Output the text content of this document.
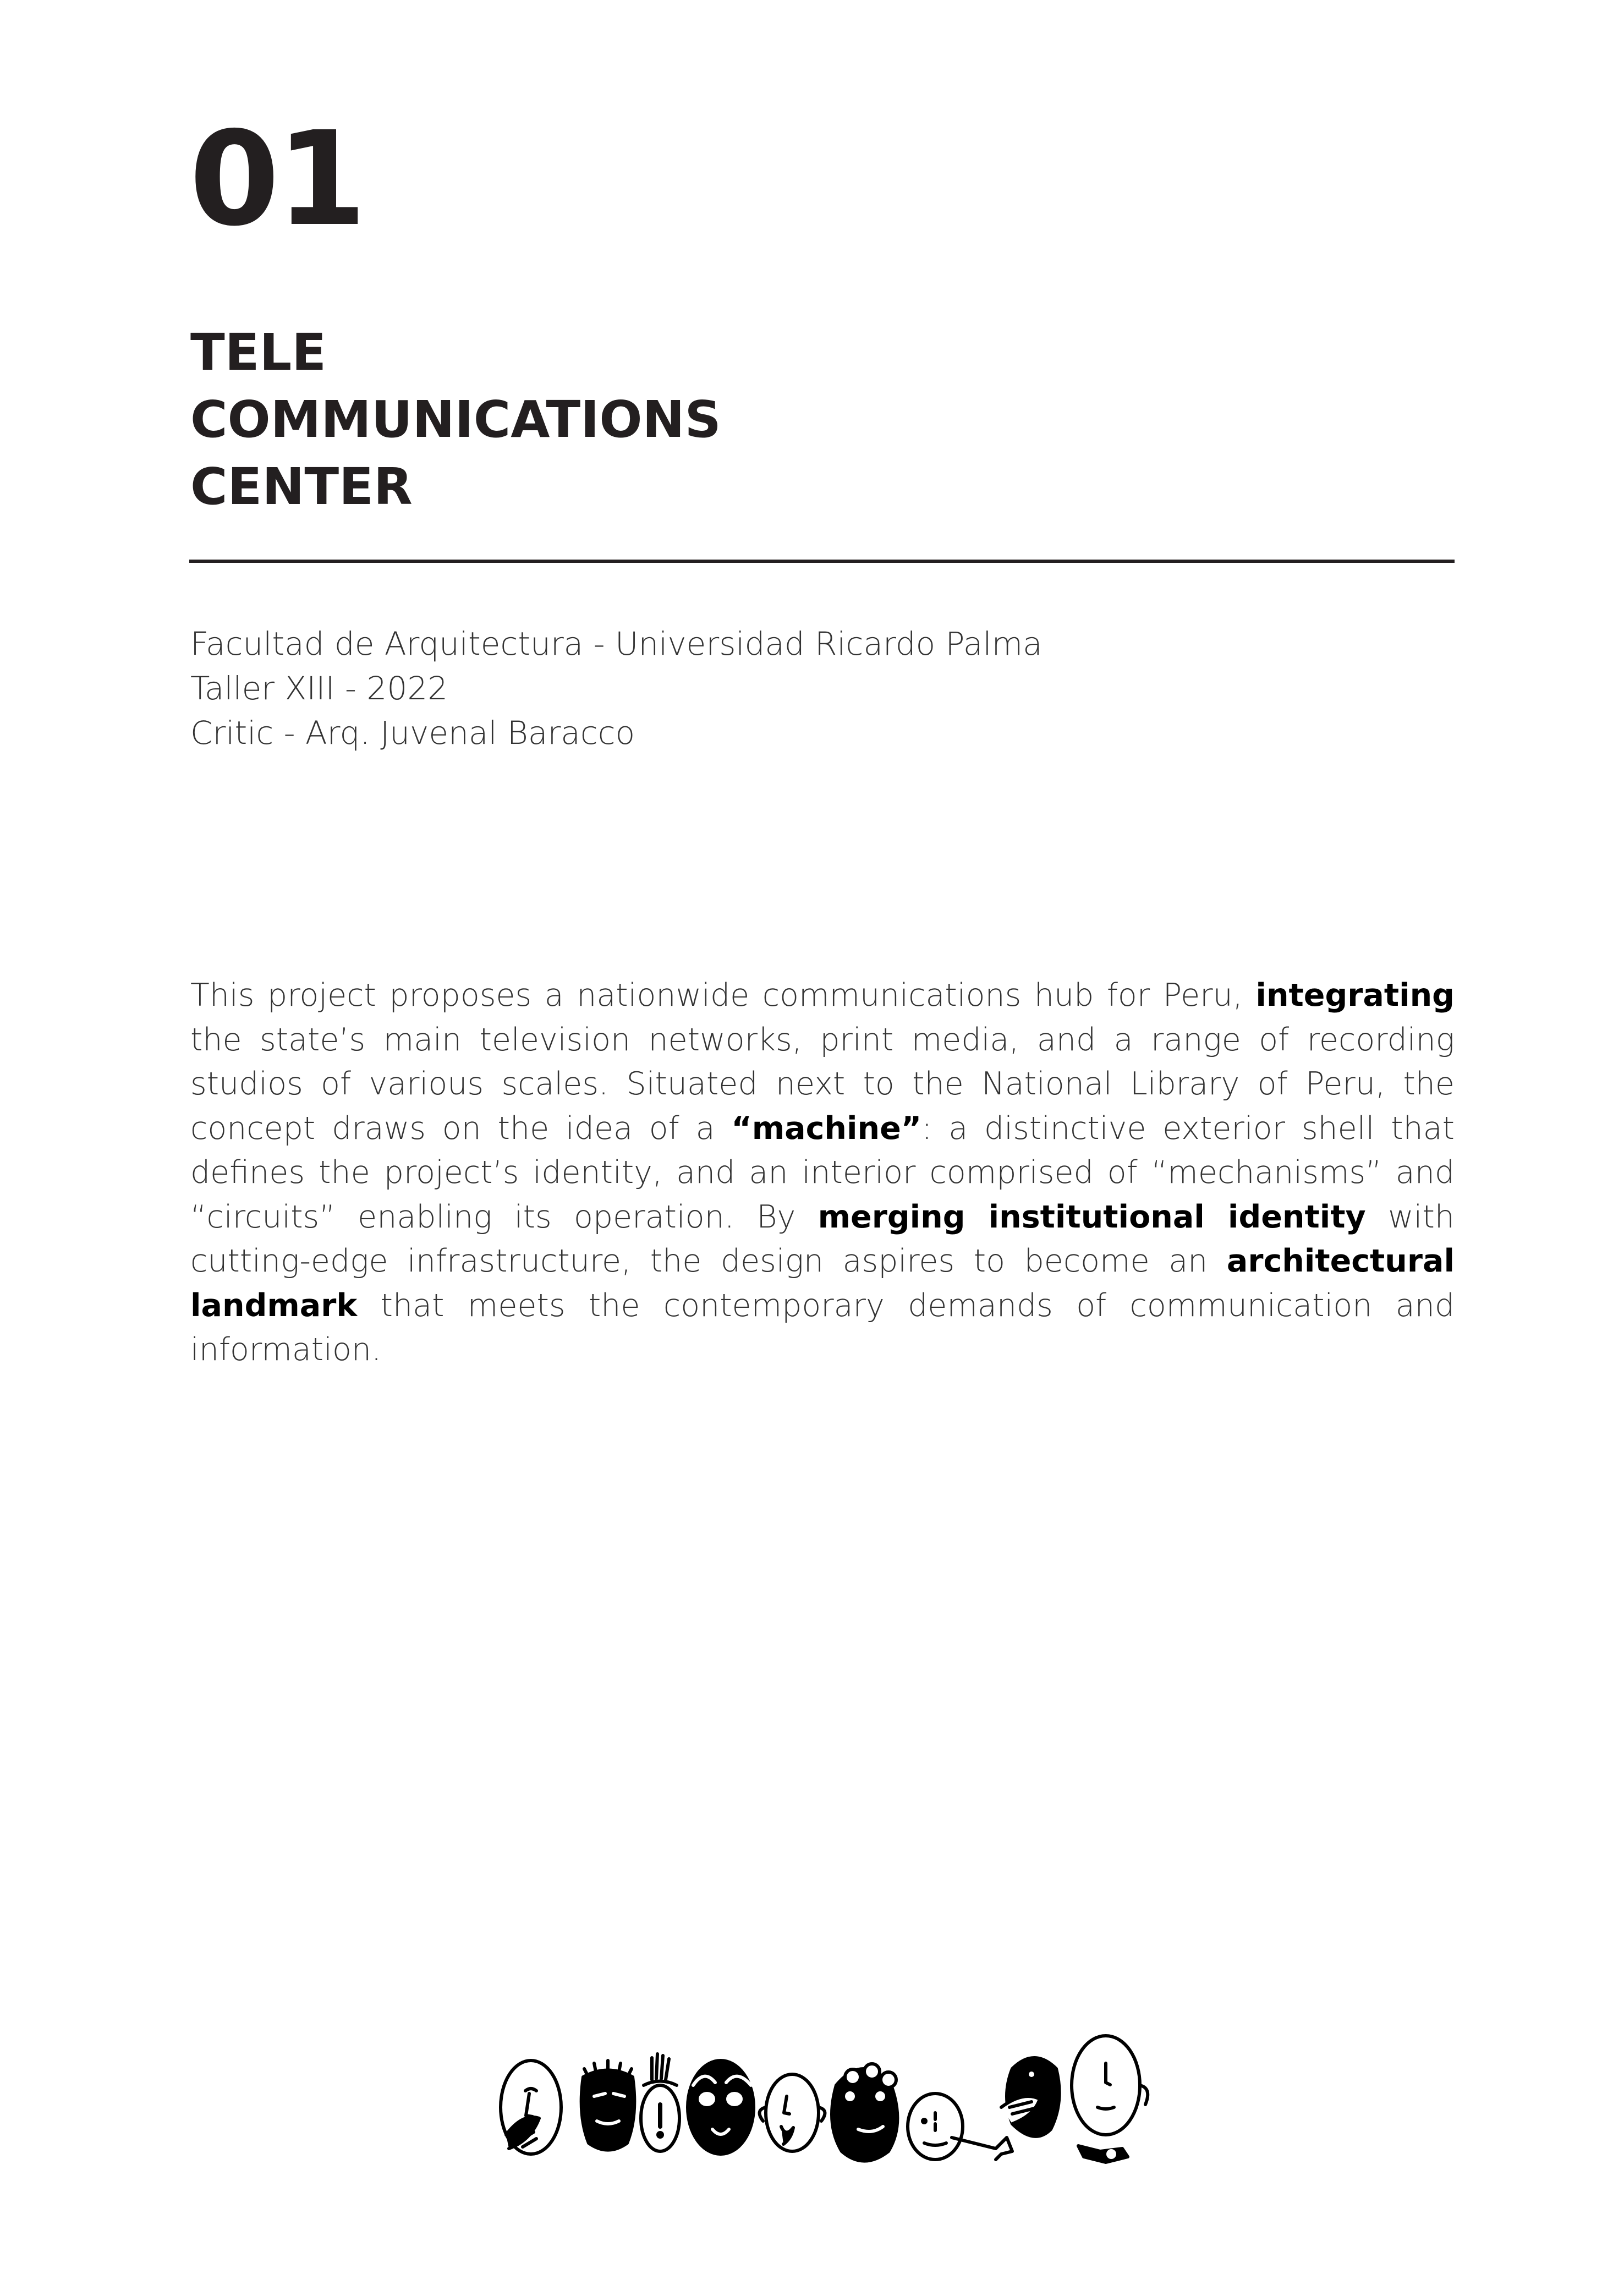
01
TELE
COMMUNICATIONS
CENTER
Facultad de Arquitectura - Universidad Ricardo Palma
Taller XIII - 2022
Critic - Arq. Juvenal Baracco

This project proposes a nationwide communications hub for Peru, integrating the state’s main television networks, print media, and a range of recording studios of various scales. Situated next to the National Library of Peru, the concept draws on the idea of a “machine”: a distinctive exterior shell that defines the project’s identity, and an interior comprised of “mechanisms” and “circuits” enabling its operation. By merging institutional identity with cutting-edge infrastructure, the design aspires to become an architectural landmark that meets the contemporary demands of communication and information.
